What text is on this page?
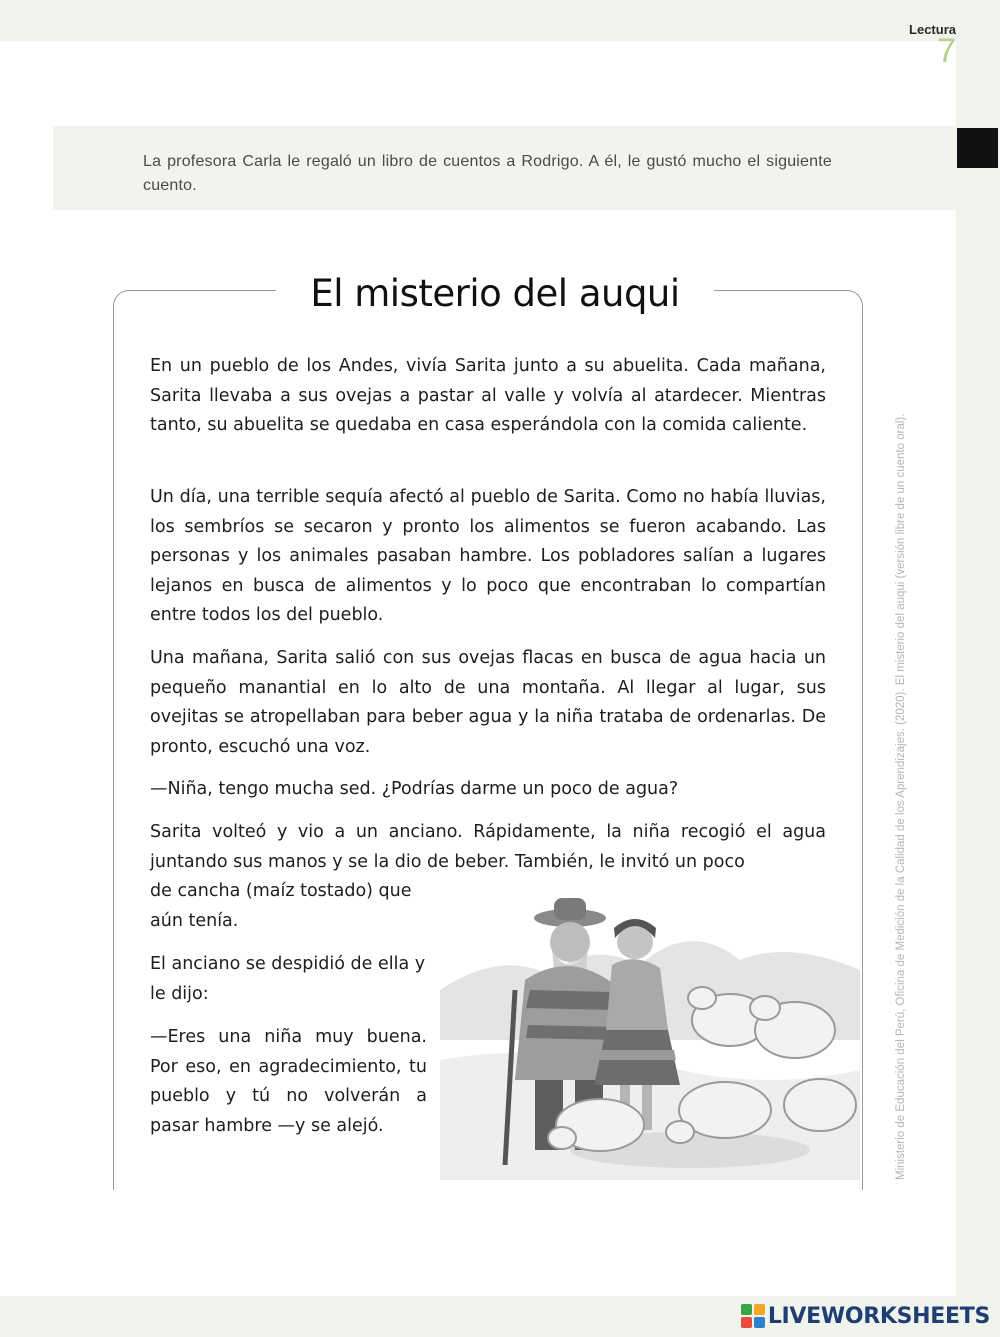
Lectura
7

La profesora Carla le regaló un libro de cuentos a Rodrigo. A él, le gustó mucho el siguiente cuento.

El misterio del auqui

En un pueblo de los Andes, vivía Sarita junto a su abuelita. Cada mañana, Sarita llevaba a sus ovejas a pastar al valle y volvía al atardecer. Mientras tanto, su abuelita se quedaba en casa esperándola con la comida caliente.

Un día, una terrible sequía afectó al pueblo de Sarita. Como no había lluvias, los sembríos se secaron y pronto los alimentos se fueron acabando. Las personas y los animales pasaban hambre. Los pobladores salían a lugares lejanos en busca de alimentos y lo poco que encontraban lo compartían entre todos los del pueblo.

Una mañana, Sarita salió con sus ovejas flacas en busca de agua hacia un pequeño manantial en lo alto de una montaña. Al llegar al lugar, sus ovejitas se atropellaban para beber agua y la niña trataba de ordenarlas. De pronto, escuchó una voz.

—Niña, tengo mucha sed. ¿Podrías darme un poco de agua?

Sarita volteó y vio a un anciano. Rápidamente, la niña recogió el agua juntando sus manos y se la dio de beber. También, le invitó un poco

de cancha (maíz tostado) que aún tenía.

El anciano se despidió de ella y le dijo:

—Eres una niña muy buena. Por eso, en agradecimiento, tu pueblo y tú no volverán a pasar hambre —y se alejó.	Ministerio de Educación del Perú, Oficina de Medición de la Calidad de los Aprendizajes. (2020). El misterio del auqui (versión libre de un cuento oral).
LIVEWORKSHEETS
